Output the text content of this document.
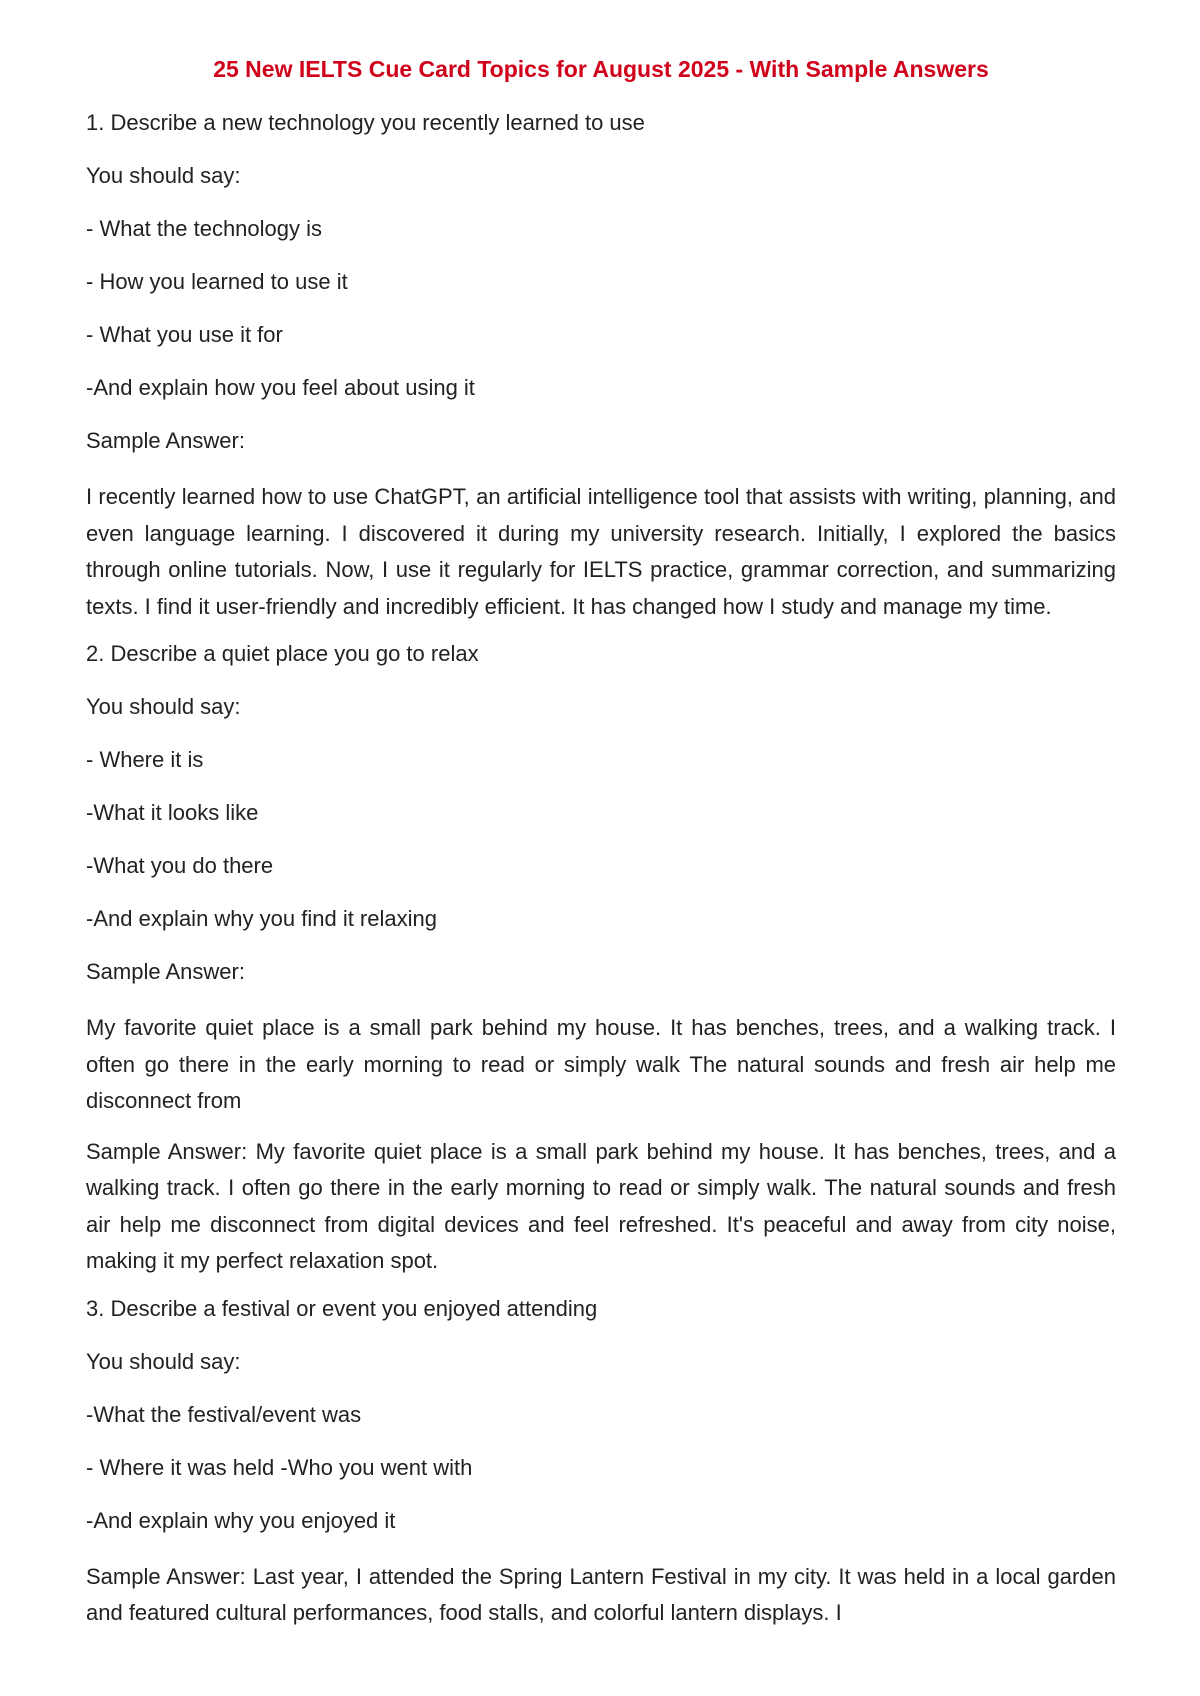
25 New IELTS Cue Card Topics for August 2025 - With Sample Answers
1. Describe a new technology you recently learned to use
You should say:
- What the technology is
- How you learned to use it
- What you use it for
-And explain how you feel about using it
Sample Answer:
I recently learned how to use ChatGPT, an artificial intelligence tool that assists with writing, planning, and even language learning. I discovered it during my university research. Initially, I explored the basics through online tutorials. Now, I use it regularly for IELTS practice, grammar correction, and summarizing texts. I find it user-friendly and incredibly efficient. It has changed how I study and manage my time.
2. Describe a quiet place you go to relax
You should say:
- Where it is
-What it looks like
-What you do there
-And explain why you find it relaxing
Sample Answer:
My favorite quiet place is a small park behind my house. It has benches, trees, and a walking track. I often go there in the early morning to read or simply walk The natural sounds and fresh air help me disconnect from
Sample Answer: My favorite quiet place is a small park behind my house. It has benches, trees, and a walking track. I often go there in the early morning to read or simply walk. The natural sounds and fresh air help me disconnect from digital devices and feel refreshed. It's peaceful and away from city noise, making it my perfect relaxation spot.
3. Describe a festival or event you enjoyed attending
You should say:
-What the festival/event was
- Where it was held -Who you went with
-And explain why you enjoyed it
Sample Answer: Last year, I attended the Spring Lantern Festival in my city. It was held in a local garden and featured cultural performances, food stalls, and colorful lantern displays. I
